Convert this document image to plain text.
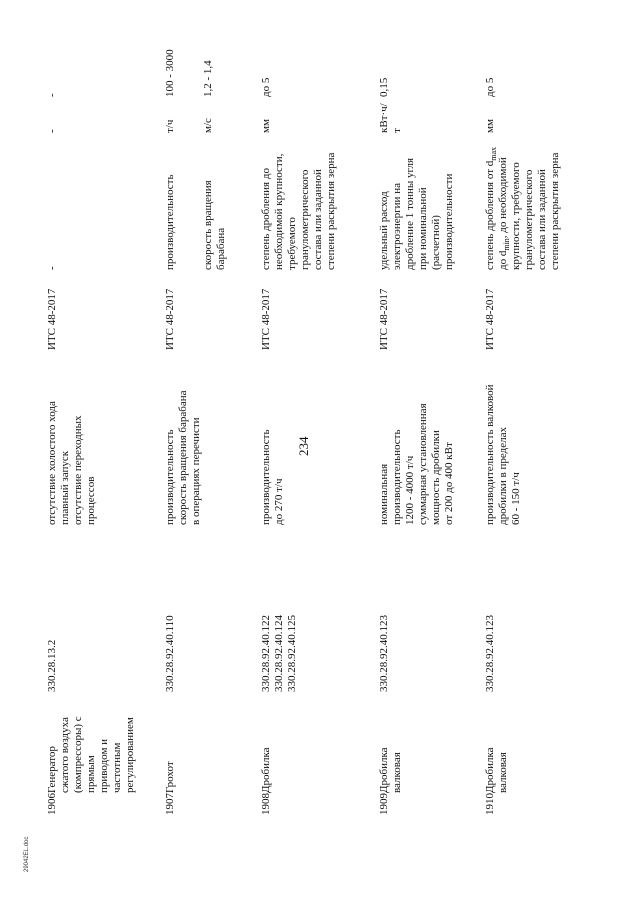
234
1906.
Генератор сжатого воздуха (компрессоры) с прямым приводом и частотным регулированием
330.28.13.2
отсутствие холостого хода плавный запуск отсутствие переходных процессов
ИТС 48-2017
-
-
-
1907.
Грохот
330.28.92.40.110
производительность скорость вращения барабана в операциях перечисти
ИТС 48-2017
производительность
т/ч
100 - 3000
скорость вращения барабана
м/с
1,2 - 1,4
1908.
Дробилка
330.28.92.40.122 330.28.92.40.124 330.28.92.40.125
производительность до 270 т/ч
ИТС 48-2017
степень дробления до необходимой крупности, требуемого гранулометрического состава или заданной степени раскрытия зерна
мм
до 5
1909.
Дробилка валковая
330.28.92.40.123
номинальная производительность 1200 - 4000 т/ч суммарная установленная мощность дробилки от 200 до 400 кВт
ИТС 48-2017
удельный расход электроэнергии на дробление 1 тонны угля при номинальной (расчетной) производительности
кВт·ч/ т
0,15
1910.
Дробилка валковая
330.28.92.40.123
производительность валковой дробилки в пределах 60 - 150 т/ч
ИТС 48-2017
степень дробления от $d_{max}$
до $d_{min}$, до необходимой крупности, требуемого гранулометрического состава или заданной степени раскрытия зерна
мм
до 5
29042EL.doc
